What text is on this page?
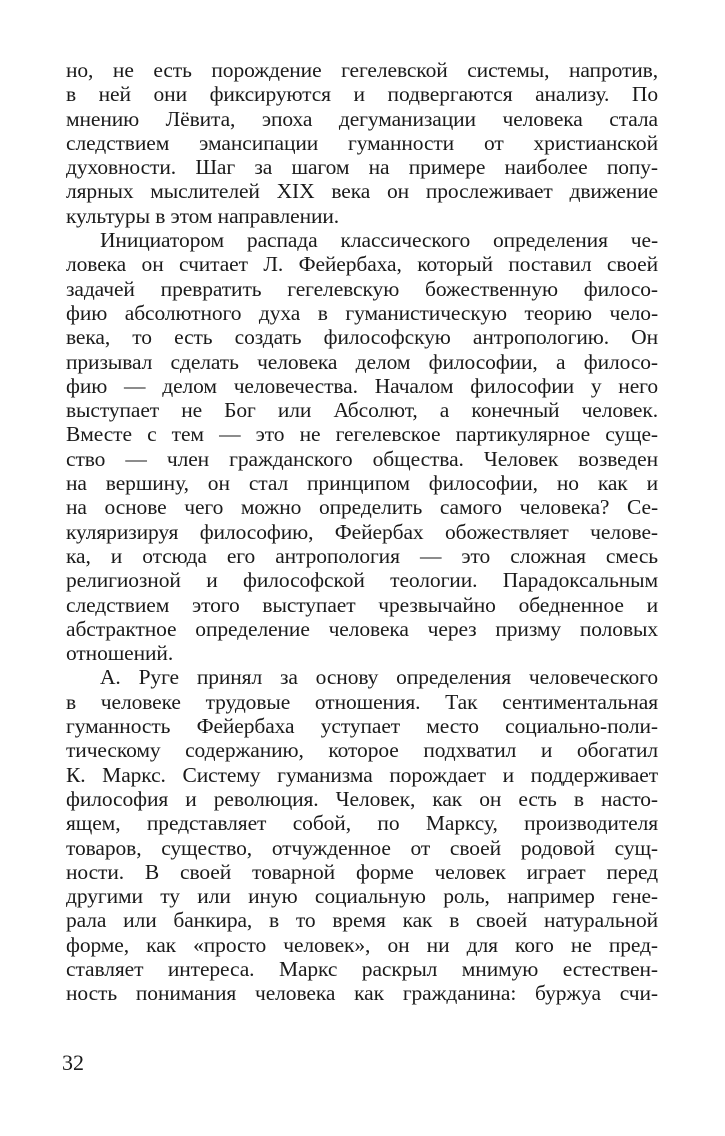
но, не есть порождение гегелевской системы, напротив,
в ней они фиксируются и подвергаются анализу. По
мнению Лёвита, эпоха дегуманизации человека стала
следствием эмансипации гуманности от христианской
духовности. Шаг за шагом на примере наиболее попу-
лярных мыслителей XIX века он прослеживает движение
культуры в этом направлении.
Инициатором распада классического определения че-
ловека он считает Л. Фейербаха, который поставил своей
задачей превратить гегелевскую божественную филосо-
фию абсолютного духа в гуманистическую теорию чело-
века, то есть создать философскую антропологию. Он
призывал сделать человека делом философии, а филосо-
фию — делом человечества. Началом философии у него
выступает не Бог или Абсолют, а конечный человек.
Вместе с тем — это не гегелевское партикулярное суще-
ство — член гражданского общества. Человек возведен
на вершину, он стал принципом философии, но как и
на основе чего можно определить самого человека? Се-
куляризируя философию, Фейербах обожествляет челове-
ка, и отсюда его антропология — это сложная смесь
религиозной и философской теологии. Парадоксальным
следствием этого выступает чрезвычайно обедненное и
абстрактное определение человека через призму половых
отношений.
А. Руге принял за основу определения человеческого
в человеке трудовые отношения. Так сентиментальная
гуманность Фейербаха уступает место социально-поли-
тическому содержанию, которое подхватил и обогатил
К. Маркс. Систему гуманизма порождает и поддерживает
философия и революция. Человек, как он есть в насто-
ящем, представляет собой, по Марксу, производителя
товаров, существо, отчужденное от своей родовой сущ-
ности. В своей товарной форме человек играет перед
другими ту или иную социальную роль, например гене-
рала или банкира, в то время как в своей натуральной
форме, как «просто человек», он ни для кого не пред-
ставляет интереса. Маркс раскрыл мнимую естествен-
ность понимания человека как гражданина: буржуа счи-
32
